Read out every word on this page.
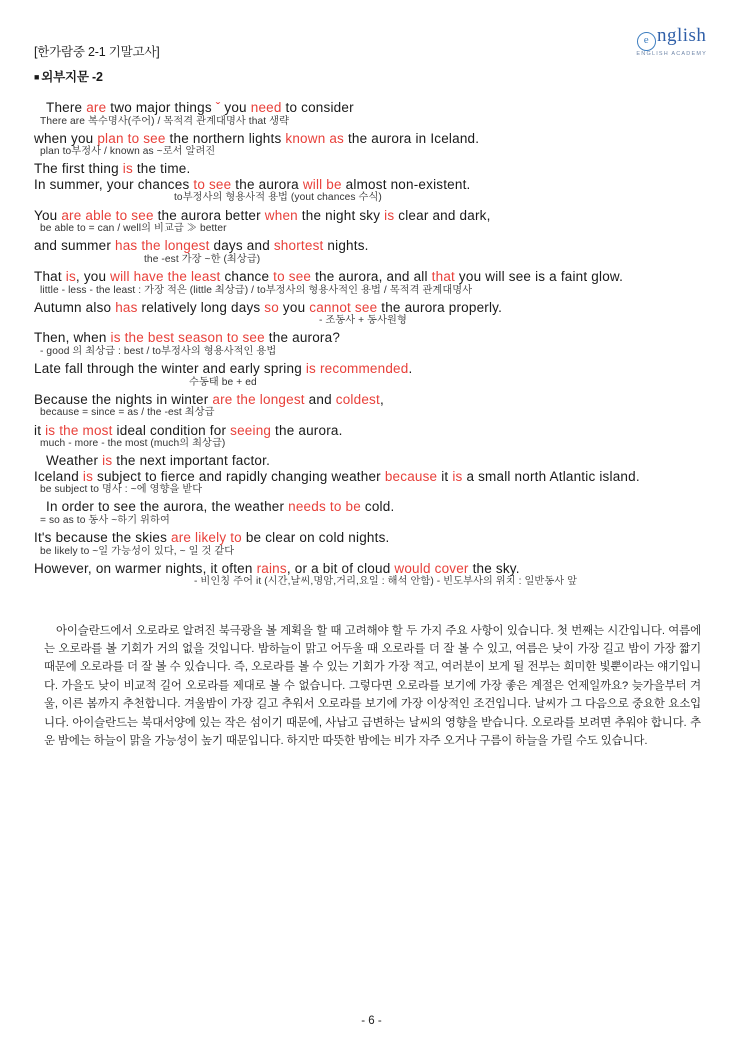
e nglish
ENGLISH ACADEMY
[한가람중 2-1 기말고사]
■ 외부지문 -2
There are two major things ˇ you need to consider
There are 복수명사(주어) / 목적격 관계대명사 that 생략
when you plan to see the northern lights known as the aurora in Iceland.
plan to부정사 / known as ~로서 알려진
The first thing is the time.
In summer, your chances to see the aurora will be almost non-existent.
to부정사의 형용사적 용법 (yout chances 수식)
You are able to see the aurora better when the night sky is clear and dark,
be able to = can / well의 비교급 ≫ better
and summer has the longest days and shortest nights.
the -est 가장 ~한 (최상급)
That is, you will have the least chance to see the aurora, and all that you will see is a faint glow.
little - less - the least : 가장 적은 (little 최상급) / to부정사의 형용사적인 용법 / 목적격 관계대명사
Autumn also has relatively long days so you cannot see the aurora properly.
- 조동사 + 동사원형
Then, when is the best season to see the aurora?
- good 의 최상급 : best / to부정사의 형용사적인 용법
Late fall through the winter and early spring is recommended.
수동태 be + ed
Because the nights in winter are the longest and coldest,
because = since = as / the -est 최상급
it is the most ideal condition for seeing the aurora.
much - more - the most (much의 최상급)
Weather is the next important factor.
Iceland is subject to fierce and rapidly changing weather because it is a small north Atlantic island.
be subject to 명사 : ~에 영향을 받다
In order to see the aurora, the weather needs to be cold.
= so as to 동사 ~하기 위하여
It's because the skies are likely to be clear on cold nights.
be likely to ~일 가능성이 있다, ~ 일 것 같다
However, on warmer nights, it often rains, or a bit of cloud would cover the sky.
- 비인칭 주어 it (시간,날씨,명암,거리,요일 : 해석 안함) - 빈도부사의 위치 : 일반동사 앞

아이슬란드에서 오로라로 알려진 북극광을 볼 계획을 할 때 고려해야 할 두 가지 주요 사항이 있습니다. 첫 번째는 시간입니다. 여름에는 오로라를 볼 기회가 거의 없을 것입니다. 밤하늘이 맑고 어두울 때 오로라를 더 잘 볼 수 있고, 여름은 낮이 가장 길고 밤이 가장 짧기 때문에 오로라를 더 잘 볼 수 있습니다. 즉, 오로라를 볼 수 있는 기회가 가장 적고, 여러분이 보게 될 전부는 희미한 빛뿐이라는 얘기입니다. 가을도 낮이 비교적 길어 오로라를 제대로 볼 수 없습니다. 그렇다면 오로라를 보기에 가장 좋은 계절은 언제일까요? 늦가을부터 겨울, 이른 봄까지 추천합니다. 겨울밤이 가장 길고 추워서 오로라를 보기에 가장 이상적인 조건입니다. 날씨가 그 다음으로 중요한 요소입니다. 아이슬란드는 북대서양에 있는 작은 섬이기 때문에, 사납고 급변하는 날씨의 영향을 받습니다. 오로라를 보려면 추워야 합니다. 추운 밤에는 하늘이 맑을 가능성이 높기 때문입니다. 하지만 따뜻한 밤에는 비가 자주 오거나 구름이 하늘을 가릴 수도 있습니다.

- 6 -
